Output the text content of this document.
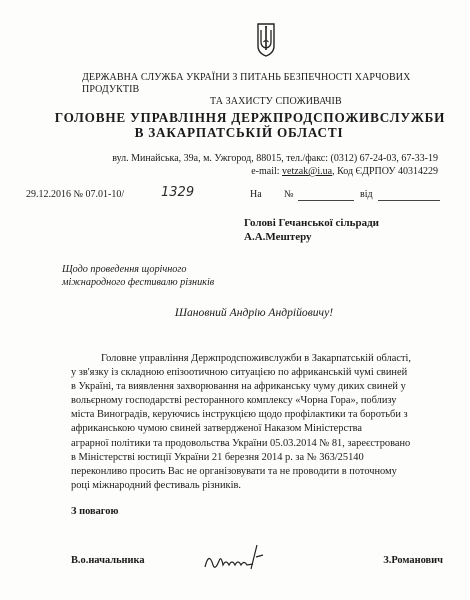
ДЕРЖАВНА СЛУЖБА УКРАЇНИ З ПИТАНЬ БЕЗПЕЧНОСТІ ХАРЧОВИХ ПРОДУКТІВ
ТА ЗАХИСТУ СПОЖИВАЧІВ
ГОЛОВНЕ УПРАВЛІННЯ ДЕРЖПРОДСПОЖИВСЛУЖБИ
В ЗАКАРПАТСЬКІЙ ОБЛАСТІ
вул. Минайська, 39а, м. Ужгород, 88015, тел./факс: (0312) 67-24-03, 67-33-19
e-mail: vetzak@i.ua, Код ЄДРПОУ 40314229
29.12.2016 № 07.01-10/	1329	На №	від
Голові Гечанської сільради
А.А.Мештеру
Щодо проведення щорічного
міжнародного фестивалю різників
Шановний Андрію Андрійовичу!
Головне управління Держпродспоживслужби в Закарпатській області,
у зв'язку із складною епізоотичною ситуацією по африканській чумі свиней
в Україні, та виявлення захворювання на африканську чуму диких свиней у
вольєрному господарстві ресторанного комплексу «Чорна Гора», поблизу
міста Виноградів, керуючись інструкцією щодо профілактики та боротьби з
африканською чумою свиней затвердженої Наказом Міністерства
аграрної політики та продовольства України 05.03.2014 № 81, зареєстровано
в Міністерстві юстиції України 21 березня 2014 р. за № 363/25140
переконливо просить Вас не організовувати та не проводити в поточному
році міжнародний фестиваль різників.
З повагою
В.о.начальника	З.Романович
